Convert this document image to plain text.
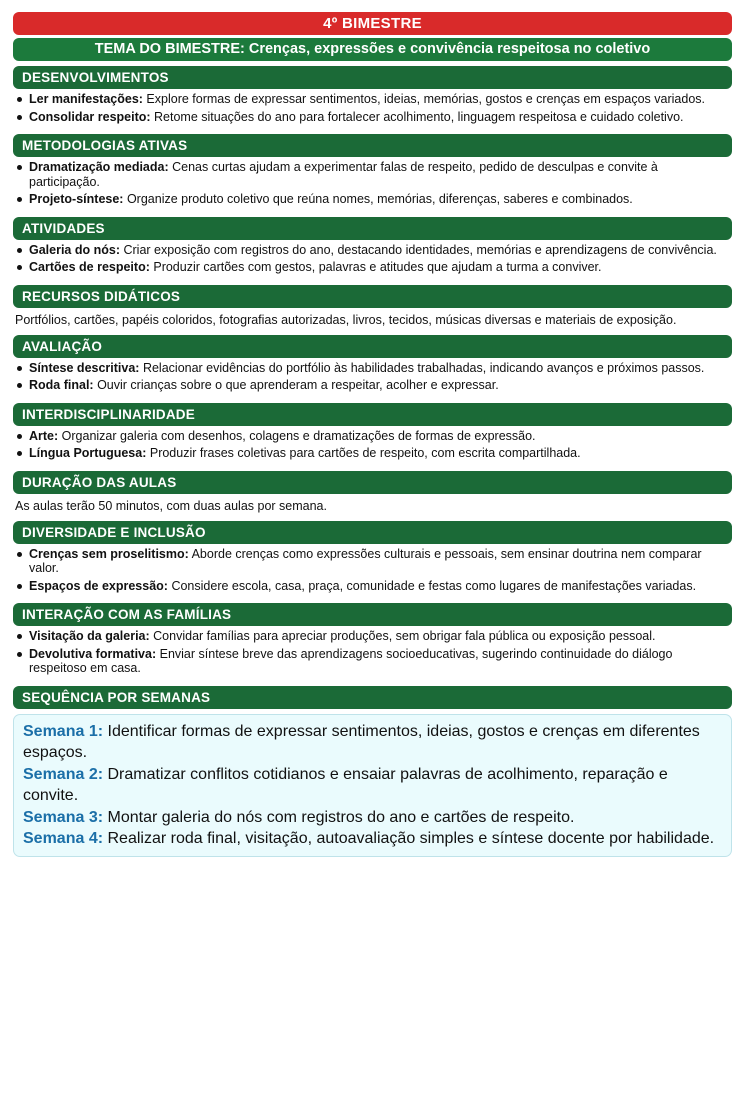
4º BIMESTRE
TEMA DO BIMESTRE: Crenças, expressões e convivência respeitosa no coletivo
DESENVOLVIMENTOS
Ler manifestações: Explore formas de expressar sentimentos, ideias, memórias, gostos e crenças em espaços variados.
Consolidar respeito: Retome situações do ano para fortalecer acolhimento, linguagem respeitosa e cuidado coletivo.
METODOLOGIAS ATIVAS
Dramatização mediada: Cenas curtas ajudam a experimentar falas de respeito, pedido de desculpas e convite à participação.
Projeto-síntese: Organize produto coletivo que reúna nomes, memórias, diferenças, saberes e combinados.
ATIVIDADES
Galeria do nós: Criar exposição com registros do ano, destacando identidades, memórias e aprendizagens de convivência.
Cartões de respeito: Produzir cartões com gestos, palavras e atitudes que ajudam a turma a conviver.
RECURSOS DIDÁTICOS
Portfólios, cartões, papéis coloridos, fotografias autorizadas, livros, tecidos, músicas diversas e materiais de exposição.
AVALIAÇÃO
Síntese descritiva: Relacionar evidências do portfólio às habilidades trabalhadas, indicando avanços e próximos passos.
Roda final: Ouvir crianças sobre o que aprenderam a respeitar, acolher e expressar.
INTERDISCIPLINARIDADE
Arte: Organizar galeria com desenhos, colagens e dramatizações de formas de expressão.
Língua Portuguesa: Produzir frases coletivas para cartões de respeito, com escrita compartilhada.
DURAÇÃO DAS AULAS
As aulas terão 50 minutos, com duas aulas por semana.
DIVERSIDADE E INCLUSÃO
Crenças sem proselitismo: Aborde crenças como expressões culturais e pessoais, sem ensinar doutrina nem comparar valor.
Espaços de expressão: Considere escola, casa, praça, comunidade e festas como lugares de manifestações variadas.
INTERAÇÃO COM AS FAMÍLIAS
Visitação da galeria: Convidar famílias para apreciar produções, sem obrigar fala pública ou exposição pessoal.
Devolutiva formativa: Enviar síntese breve das aprendizagens socioeducativas, sugerindo continuidade do diálogo respeitoso em casa.
SEQUÊNCIA POR SEMANAS
Semana 1: Identificar formas de expressar sentimentos, ideias, gostos e crenças em diferentes espaços.
Semana 2: Dramatizar conflitos cotidianos e ensaiar palavras de acolhimento, reparação e convite.
Semana 3: Montar galeria do nós com registros do ano e cartões de respeito.
Semana 4: Realizar roda final, visitação, autoavaliação simples e síntese docente por habilidade.
